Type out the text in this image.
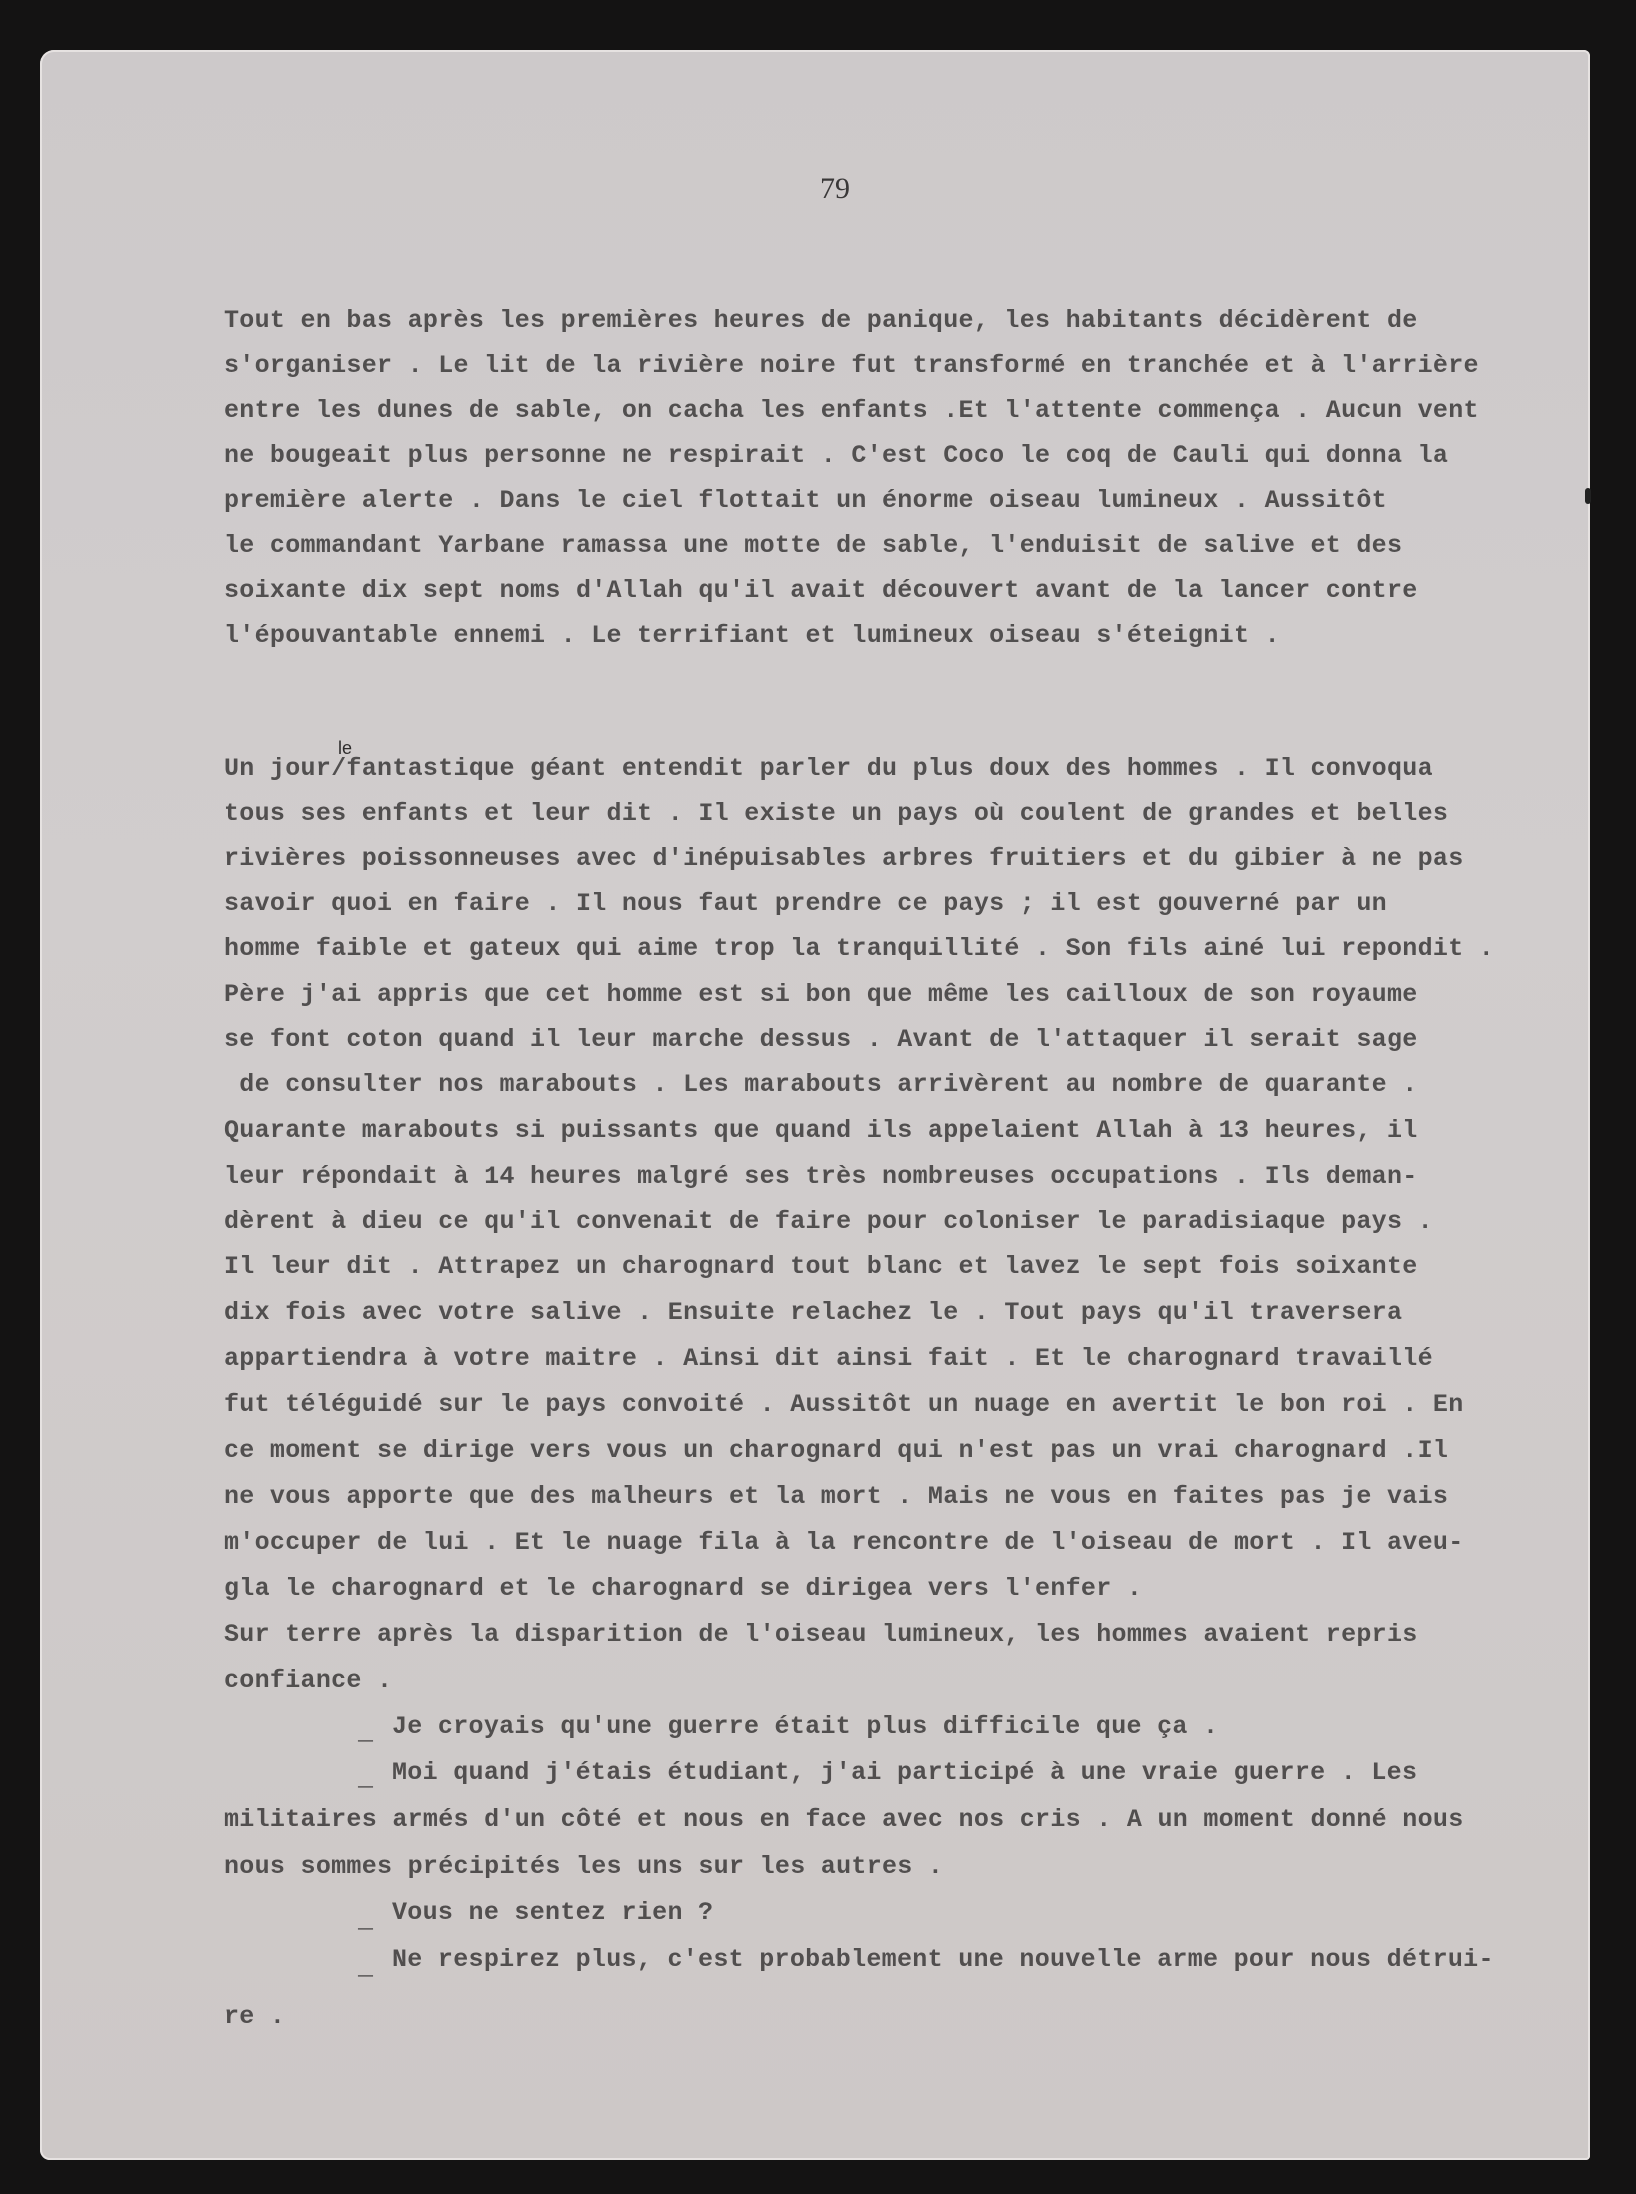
79
Tout en bas après les premières heures de panique, les habitants décidèrent de
s'organiser . Le lit de la rivière noire fut transformé en tranchée et à l'arrière
entre les dunes de sable, on cacha les enfants .Et l'attente commença . Aucun vent
ne bougeait plus personne ne respirait . C'est Coco le coq de Cauli qui donna la
première alerte . Dans le ciel flottait un énorme oiseau lumineux . Aussitôt
le commandant Yarbane ramassa une motte de sable, l'enduisit de salive et des
soixante dix sept noms d'Allah qu'il avait découvert avant de la lancer contre
l'épouvantable ennemi . Le terrifiant et lumineux oiseau s'éteignit .
le
Un jour/fantastique géant entendit parler du plus doux des hommes . Il convoqua
tous ses enfants et leur dit . Il existe un pays où coulent de grandes et belles
rivières poissonneuses avec d'inépuisables arbres fruitiers et du gibier à ne pas
savoir quoi en faire . Il nous faut prendre ce pays ; il est gouverné par un
homme faible et gateux qui aime trop la tranquillité . Son fils ainé lui repondit .
Père j'ai appris que cet homme est si bon que même les cailloux de son royaume
se font coton quand il leur marche dessus . Avant de l'attaquer il serait sage
de consulter nos marabouts . Les marabouts arrivèrent au nombre de quarante .
Quarante marabouts si puissants que quand ils appelaient Allah à 13 heures, il
leur répondait à 14 heures malgré ses très nombreuses occupations . Ils deman-
dèrent à dieu ce qu'il convenait de faire pour coloniser le paradisiaque pays .
Il leur dit . Attrapez un charognard tout blanc et lavez le sept fois soixante
dix fois avec votre salive . Ensuite relachez le . Tout pays qu'il traversera
appartiendra à votre maitre . Ainsi dit ainsi fait . Et le charognard travaillé
fut téléguidé sur le pays convoité . Aussitôt un nuage en avertit le bon roi . En
ce moment se dirige vers vous un charognard qui n'est pas un vrai charognard .Il
ne vous apporte que des malheurs et la mort . Mais ne vous en faites pas je vais
m'occuper de lui . Et le nuage fila à la rencontre de l'oiseau de mort . Il aveu-
gla le charognard et le charognard se dirigea vers l'enfer .
Sur terre après la disparition de l'oiseau lumineux, les hommes avaient repris
confiance .
_ Je croyais qu'une guerre était plus difficile que ça .
_ Moi quand j'étais étudiant, j'ai participé à une vraie guerre . Les
militaires armés d'un côté et nous en face avec nos cris . A un moment donné nous
nous sommes précipités les uns sur les autres .
_ Vous ne sentez rien ?
_ Ne respirez plus, c'est probablement une nouvelle arme pour nous détrui-
re .
